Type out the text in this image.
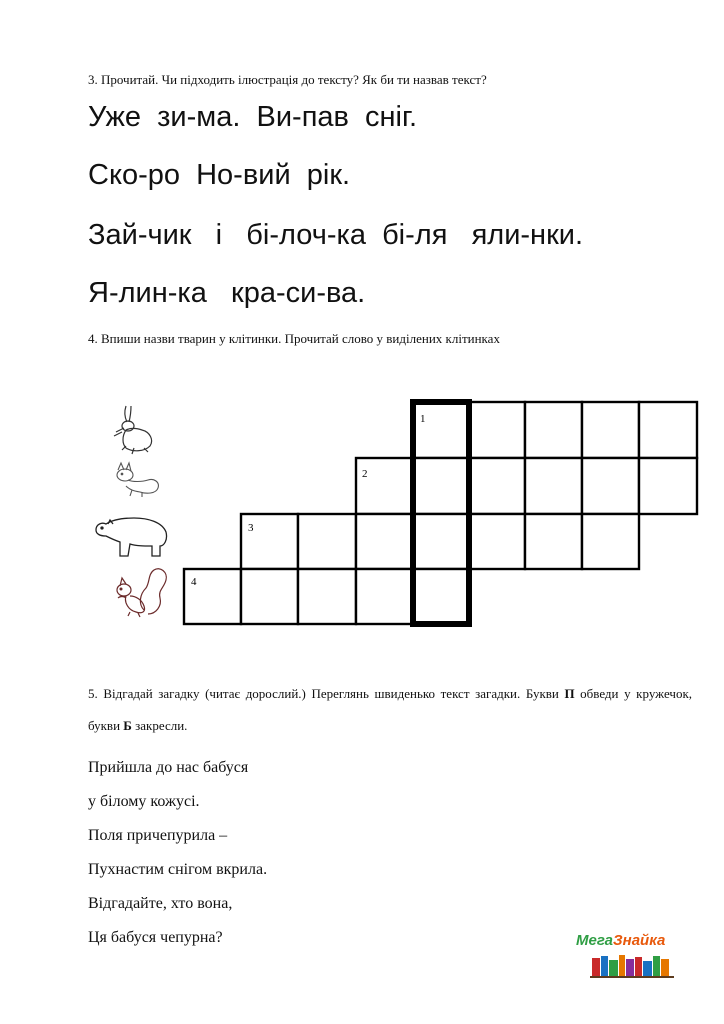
3. Прочитай. Чи підходить ілюстрація до тексту? Як би ти назвав текст?
Уже  зи-ма.  Ви-пав  сніг.
Ско-ро  Но-вий  рік.
Зай-чик   і   бі-лоч-ка  бі-ля   яли-нки.
Я-лин-ка   кра-си-ва.
4. Впиши назви тварин у клітинки. Прочитай слово у виділених клітинках
1
2
3
4
5. Відгадай загадку (читає дорослий.) Переглянь швиденько текст загадки. Букви П обведи у кружечок, букви Б закресли.
Прийшла до нас бабуся
у білому кожусі.
Поля причепурила –
Пухнастим снігом вкрила.
Відгадайте, хто вона,
Ця бабуся чепурна?	МегаЗнайка
